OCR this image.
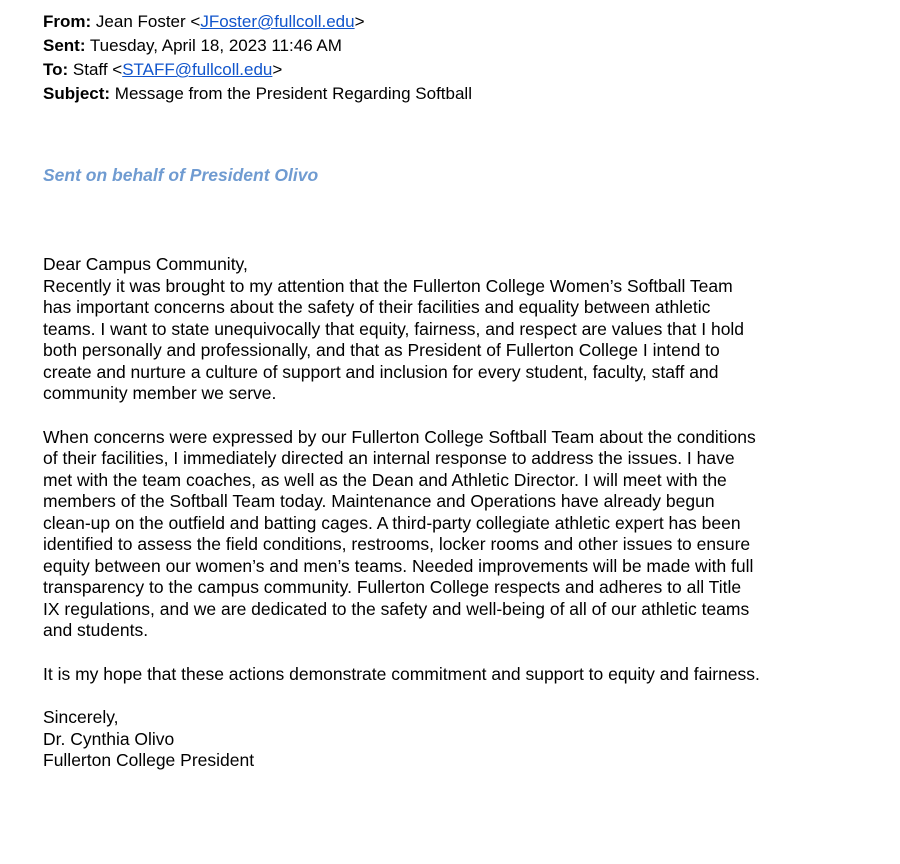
From: Jean Foster <JFoster@fullcoll.edu>
Sent: Tuesday, April 18, 2023 11:46 AM
To: Staff <STAFF@fullcoll.edu>
Subject: Message from the President Regarding Softball
Sent on behalf of President Olivo
Dear Campus Community,

Recently it was brought to my attention that the Fullerton College Women’s Softball Team
has important concerns about the safety of their facilities and equality between athletic
teams. I want to state unequivocally that equity, fairness, and respect are values that I hold
both personally and professionally, and that as President of Fullerton College I intend to
create and nurture a culture of support and inclusion for every student, faculty, staff and
community member we serve.

When concerns were expressed by our Fullerton College Softball Team about the conditions
of their facilities, I immediately directed an internal response to address the issues. I have
met with the team coaches, as well as the Dean and Athletic Director. I will meet with the
members of the Softball Team today. Maintenance and Operations have already begun
clean-up on the outfield and batting cages. A third-party collegiate athletic expert has been
identified to assess the field conditions, restrooms, locker rooms and other issues to ensure
equity between our women’s and men’s teams. Needed improvements will be made with full
transparency to the campus community. Fullerton College respects and adheres to all Title
IX regulations, and we are dedicated to the safety and well-being of all of our athletic teams
and students.

It is my hope that these actions demonstrate commitment and support to equity and fairness.

Sincerely,
Dr. Cynthia Olivo
Fullerton College President
